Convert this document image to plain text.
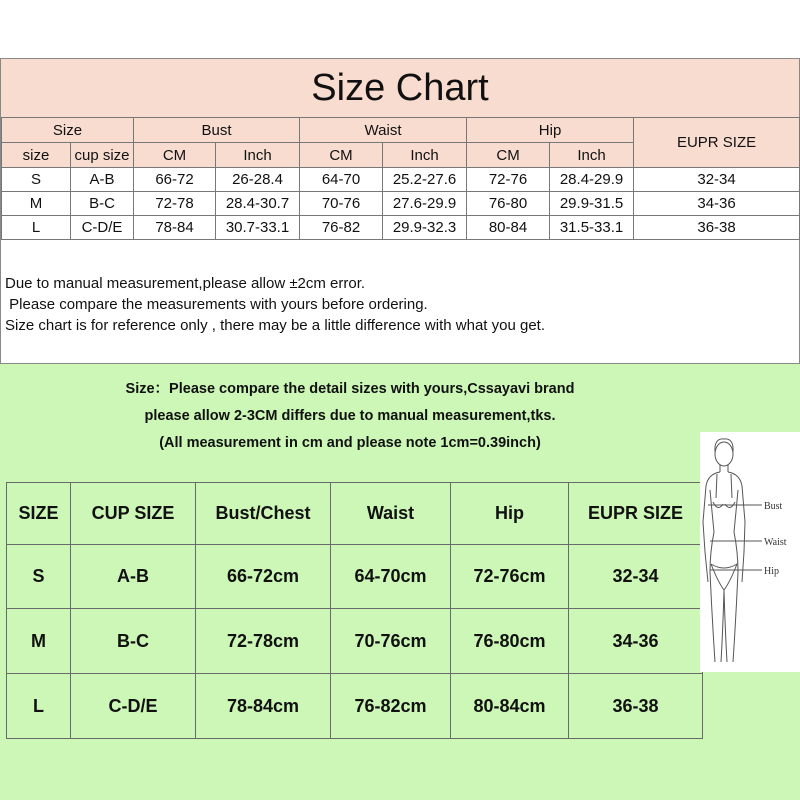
Size Chart
Size		Bust		Waist		Hip		EUPR SIZE
size	cup size	CM	Inch	CM	Inch	CM	Inch	
S	A-B	66-72	26-28.4	64-70	25.2-27.6	72-76	28.4-29.9	32-34
M	B-C	72-78	28.4-30.7	70-76	27.6-29.9	76-80	29.9-31.5	34-36
L	C-D/E	78-84	30.7-33.1	76-82	29.9-32.3	80-84	31.5-33.1	36-38
Due to manual measurement,please allow ±2cm error.
Please compare the measurements with yours before ordering.
Size chart is for reference only , there may be a little difference with what you get.
Size：Please compare the detail sizes with yours,Cssayavi brand
please allow 2-3CM differs due to manual measurement,tks.
(All measurement in cm and please note 1cm=0.39inch)
SIZE	CUP SIZE	Bust/Chest	Waist	Hip	EUPR SIZE
S	A-B	66-72cm	64-70cm	72-76cm	32-34
M	B-C	72-78cm	70-76cm	76-80cm	34-36
L	C-D/E	78-84cm	76-82cm	80-84cm	36-38
Bust
Waist
Hip
